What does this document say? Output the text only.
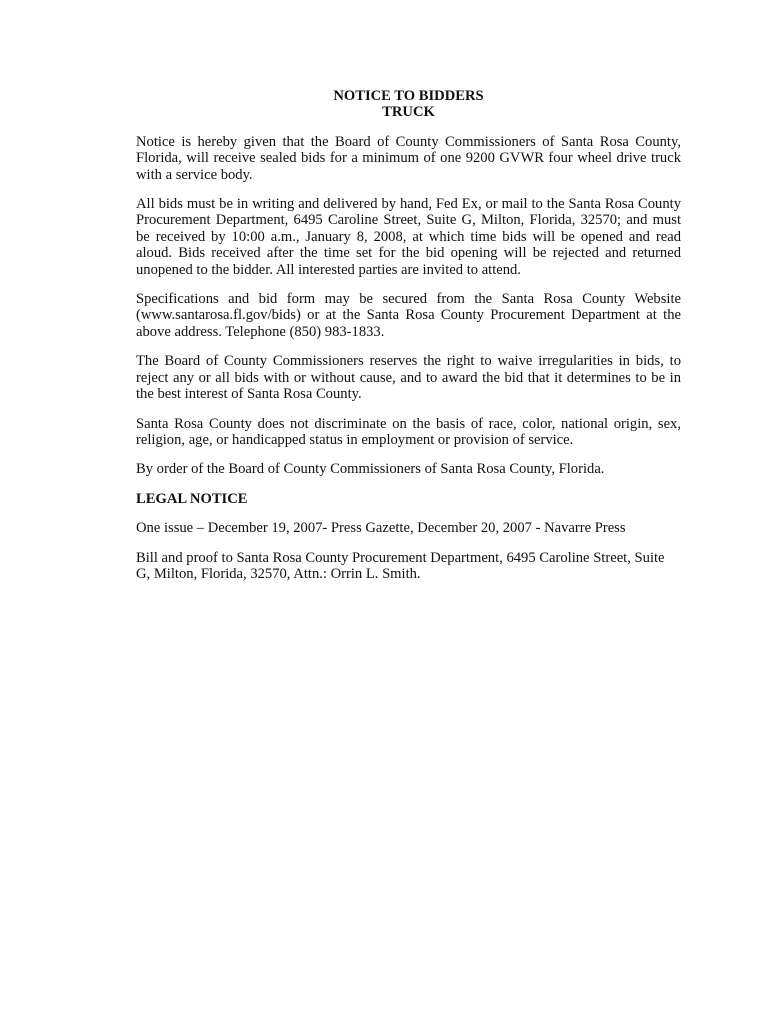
NOTICE TO BIDDERS
TRUCK

Notice is hereby given that the Board of County Commissioners of Santa Rosa County, Florida, will receive sealed bids for a minimum of one 9200 GVWR four wheel drive truck with a service body.

All bids must be in writing and delivered by hand, Fed Ex, or mail to the Santa Rosa County Procurement Department, 6495 Caroline Street, Suite G, Milton, Florida, 32570; and must be received by 10:00 a.m., January 8, 2008, at which time bids will be opened and read aloud. Bids received after the time set for the bid opening will be rejected and returned unopened to the bidder. All interested parties are invited to attend.

Specifications and bid form may be secured from the Santa Rosa County Website (www.santarosa.fl.gov/bids) or at the Santa Rosa County Procurement Department at the above address. Telephone (850) 983-1833.

The Board of County Commissioners reserves the right to waive irregularities in bids, to reject any or all bids with or without cause, and to award the bid that it determines to be in the best interest of Santa Rosa County.

Santa Rosa County does not discriminate on the basis of race, color, national origin, sex, religion, age, or handicapped status in employment or provision of service.

By order of the Board of County Commissioners of Santa Rosa County, Florida.

LEGAL NOTICE

One issue – December 19, 2007- Press Gazette, December 20, 2007 - Navarre Press

Bill and proof to Santa Rosa County Procurement Department, 6495 Caroline Street, Suite G, Milton, Florida, 32570, Attn.: Orrin L. Smith.
